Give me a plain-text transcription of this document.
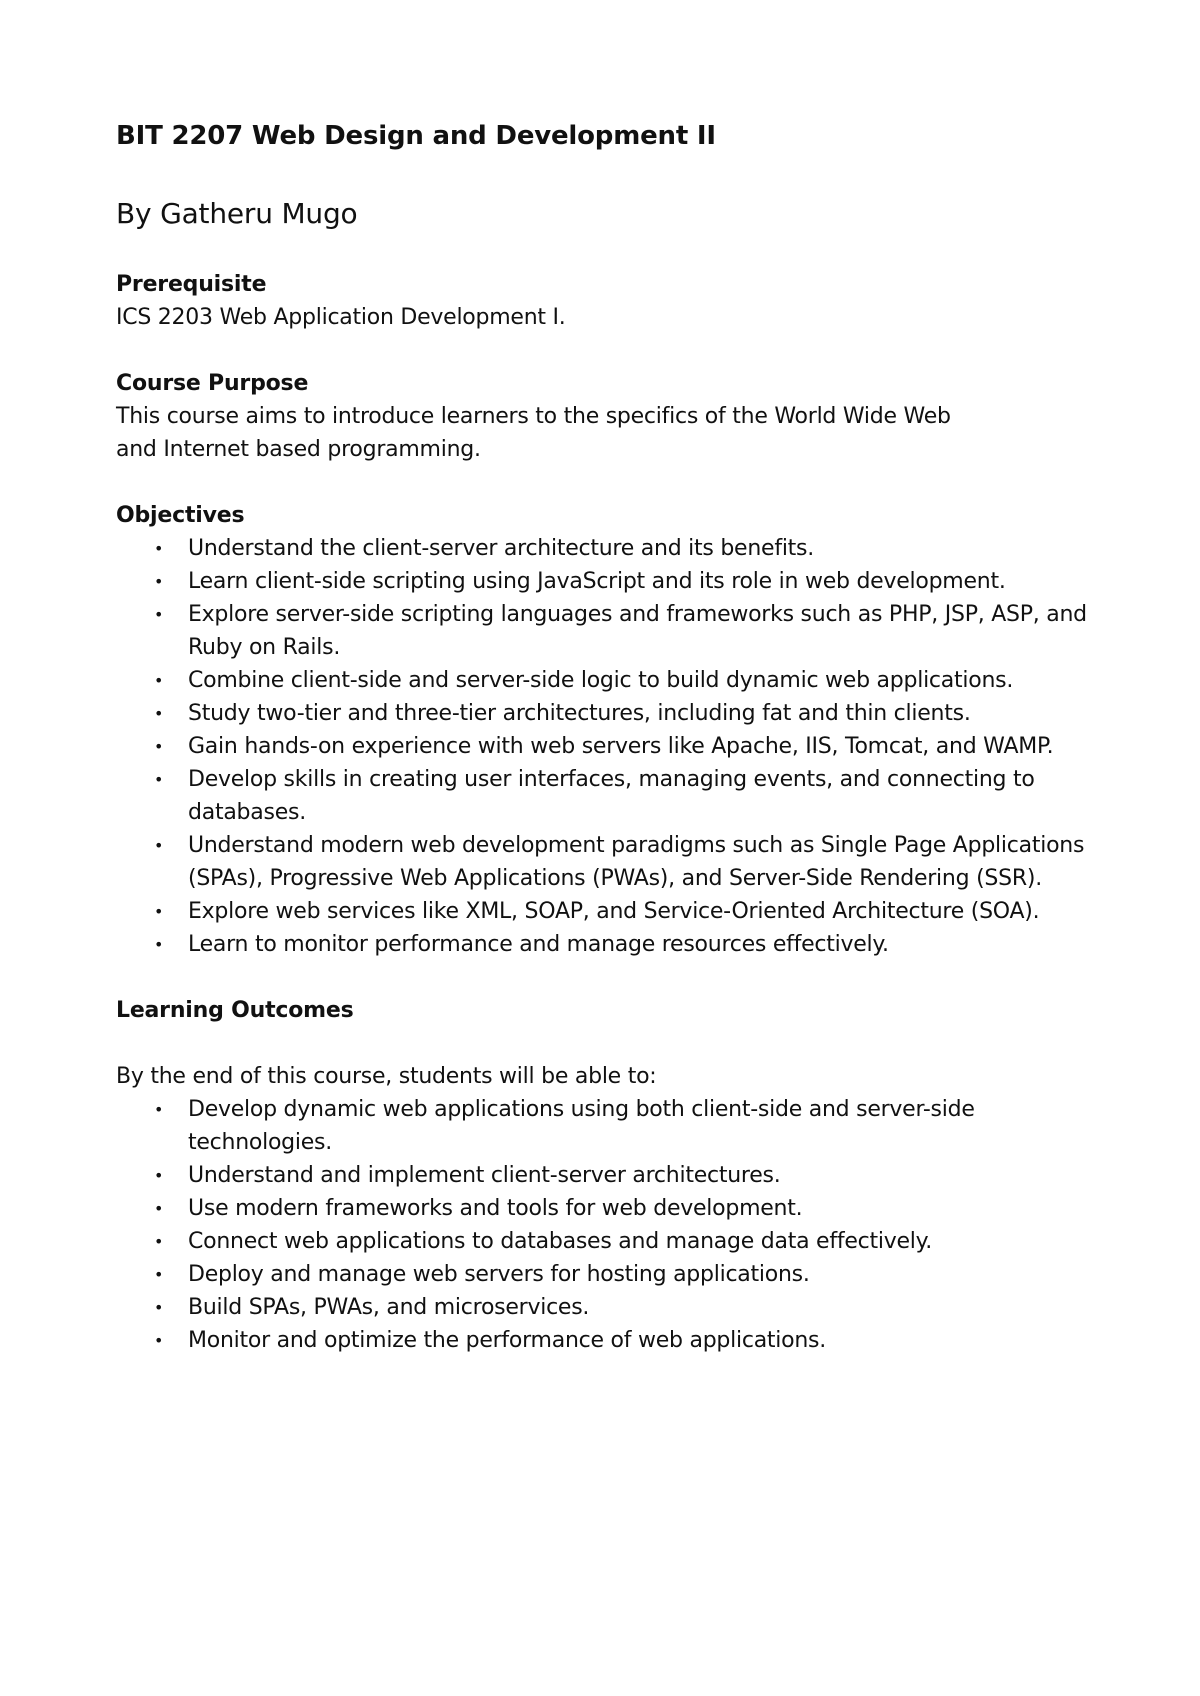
BIT 2207 Web Design and Development II

By Gatheru Mugo

Prerequisite

ICS 2203 Web Application Development I.

Course Purpose

This course aims to introduce learners to the specifics of the World Wide Web and Internet based programming.

Objectives

• Understand the client-server architecture and its benefits.
• Learn client-side scripting using JavaScript and its role in web development.
• Explore server-side scripting languages and frameworks such as PHP, JSP, ASP, and Ruby on Rails.
• Combine client-side and server-side logic to build dynamic web applications.
• Study two-tier and three-tier architectures, including fat and thin clients.
• Gain hands-on experience with web servers like Apache, IIS, Tomcat, and WAMP.
• Develop skills in creating user interfaces, managing events, and connecting to databases.
• Understand modern web development paradigms such as Single Page Applications (SPAs), Progressive Web Applications (PWAs), and Server-Side Rendering (SSR).
• Explore web services like XML, SOAP, and Service-Oriented Architecture (SOA).
• Learn to monitor performance and manage resources effectively.

Learning Outcomes

By the end of this course, students will be able to:

• Develop dynamic web applications using both client-side and server-side technologies.
• Understand and implement client-server architectures.
• Use modern frameworks and tools for web development.
• Connect web applications to databases and manage data effectively.
• Deploy and manage web servers for hosting applications.
• Build SPAs, PWAs, and microservices.
• Monitor and optimize the performance of web applications.
